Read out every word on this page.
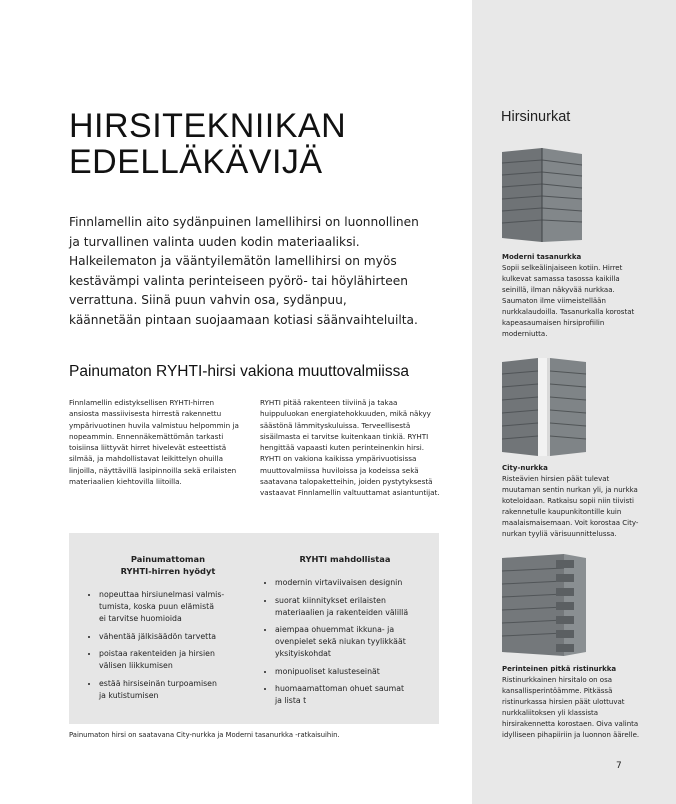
HIRSITEKNIIKAN
EDELLÄKÄVIJÄ

Finnlamellin aito sydänpuinen lamellihirsi on luonnollinen ja turvallinen valinta uuden kodin materiaaliksi. Halkeilematon ja vääntyilemätön lamellihirsi on myös kestävämpi valinta perinteiseen pyörö- tai höylähirteen verrattuna. Siinä puun vahvin osa, sydänpuu, käännetään pintaan suojaamaan kotiasi säänvaihteluilta.

Painumaton RYHTI-hirsi vakiona muuttovalmiissa

Finnlamellin edistyksellisen RYHTI-hirren ansiosta massiivisesta hirrestä rakennettu ympärivuotinen huvila valmistuu helpommin ja nopeammin. Ennennäkemättömän tarkasti toisiinsa liittyvät hirret hivelevät esteettistä silmää, ja mahdollistavat leikittelyn ohuilla linjoilla, näyttävillä lasipinnoilla sekä erilaisten materiaalien kiehtovilla liitoilla.

RYHTI pitää rakenteen tiiviinä ja takaa huippuluokan energiatehokkuuden, mikä näkyy säästönä lämmityskuluissa. Terveellisestä sisäilmasta ei tarvitse kuitenkaan tinkiä. RYHTI hengittää vapaasti kuten perinteinenkin hirsi. RYHTI on vakiona kaikissa ympärivuotisissa muuttovalmiissa huviloissa ja kodeissa sekä saatavana talopaketteihin, joiden pystytyksestä vastaavat Finnlamellin valtuuttamat asiantuntijat.

Painumattoman
RYHTI-hirren hyödyt
• nopeuttaa hirsiunelmasi valmis-
tumista, koska puun elämistä
ei tarvitse huomioida
• vähentää jälkisäädön tarvetta
• poistaa rakenteiden ja hirsien
välisen liikkumisen
• estää hirsiseinän turpoamisen
ja kutistumisen
RYHTI mahdollistaa
• modernin virtaviivaisen designin
• suorat kiinnitykset erilaisten
materiaalien ja rakenteiden välillä
• aiempaa ohuemmat ikkuna- ja
ovenpielet sekä niukan tyylikkäät
yksityiskohdat
• monipuoliset kalusteseinät
• huomaamattoman ohuet saumat
ja lista t

Painumaton hirsi on saatavana City-nurkka ja Moderni tasanurkka -ratkaisuihin.

Hirsinurkat

Moderni tasanurkka
Sopii selkeälinjaiseen kotiin. Hirret kulkevat samassa tasossa kaikilla seinillä, ilman näkyvää nurkkaa. Saumaton ilme viimeistellään nurkkalaudoilla. Tasanurkalla korostat kapeasaumaisen hirsiprofiilin moderniutta.

City-nurkka
Risteävien hirsien päät tulevat muutaman sentin nurkan yli, ja nurkka koteloidaan. Ratkaisu sopii niin tiivisti rakennetulle kaupunkitontille kuin maalaismaisemaan. Voit korostaa City-nurkan tyyliä värisuunnittelussa.

Perinteinen pitkä ristinurkka
Ristinurkkainen hirsitalo on osa kansallisperintöämme. Pitkässä ristinurkassa hirsien päät ulottuvat nurkkaliitoksen yli klassista hirsirakennetta korostaen. Oiva valinta idylliseen pihapiiriin ja luonnon äärelle.

7
